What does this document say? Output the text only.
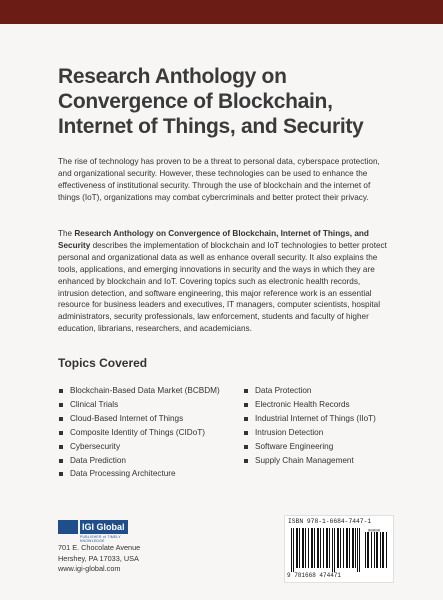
Research Anthology on
Convergence of Blockchain,
Internet of Things, and Security
The rise of technology has proven to be a threat to personal data, cyberspace protection, and organizational security. However, these technologies can be used to enhance the effectiveness of institutional security. Through the use of blockchain and the internet of things (IoT), organizations may combat cybercriminals and better protect their privacy.
The Research Anthology on Convergence of Blockchain, Internet of Things, and Security describes the implementation of blockchain and IoT technologies to better protect personal and organizational data as well as enhance overall security. It also explains the tools, applications, and emerging innovations in security and the ways in which they are enhanced by blockchain and IoT. Covering topics such as electronic health records, intrusion detection, and software engineering, this major reference work is an essential resource for business leaders and executives, IT managers, computer scientists, hospital administrators, security professionals, law enforcement, students and faculty of higher education, librarians, researchers, and academicians.
Topics Covered
Blockchain-Based Data Market (BCBDM)
Clinical Trials
Cloud-Based Internet of Things
Composite Identity of Things (CIDoT)
Cybersecurity
Data Prediction
Data Processing Architecture
Data Protection
Electronic Health Records
Industrial Internet of Things (IIoT)
Intrusion Detection
Software Engineering
Supply Chain Management
IGI Global
PUBLISHER of TIMELY KNOWLEDGE
701 E. Chocolate Avenue
Hershey, PA 17033, USA
www.igi-global.com
ISBN 978-1-6684-7447-1
90000
9 781668 474471
